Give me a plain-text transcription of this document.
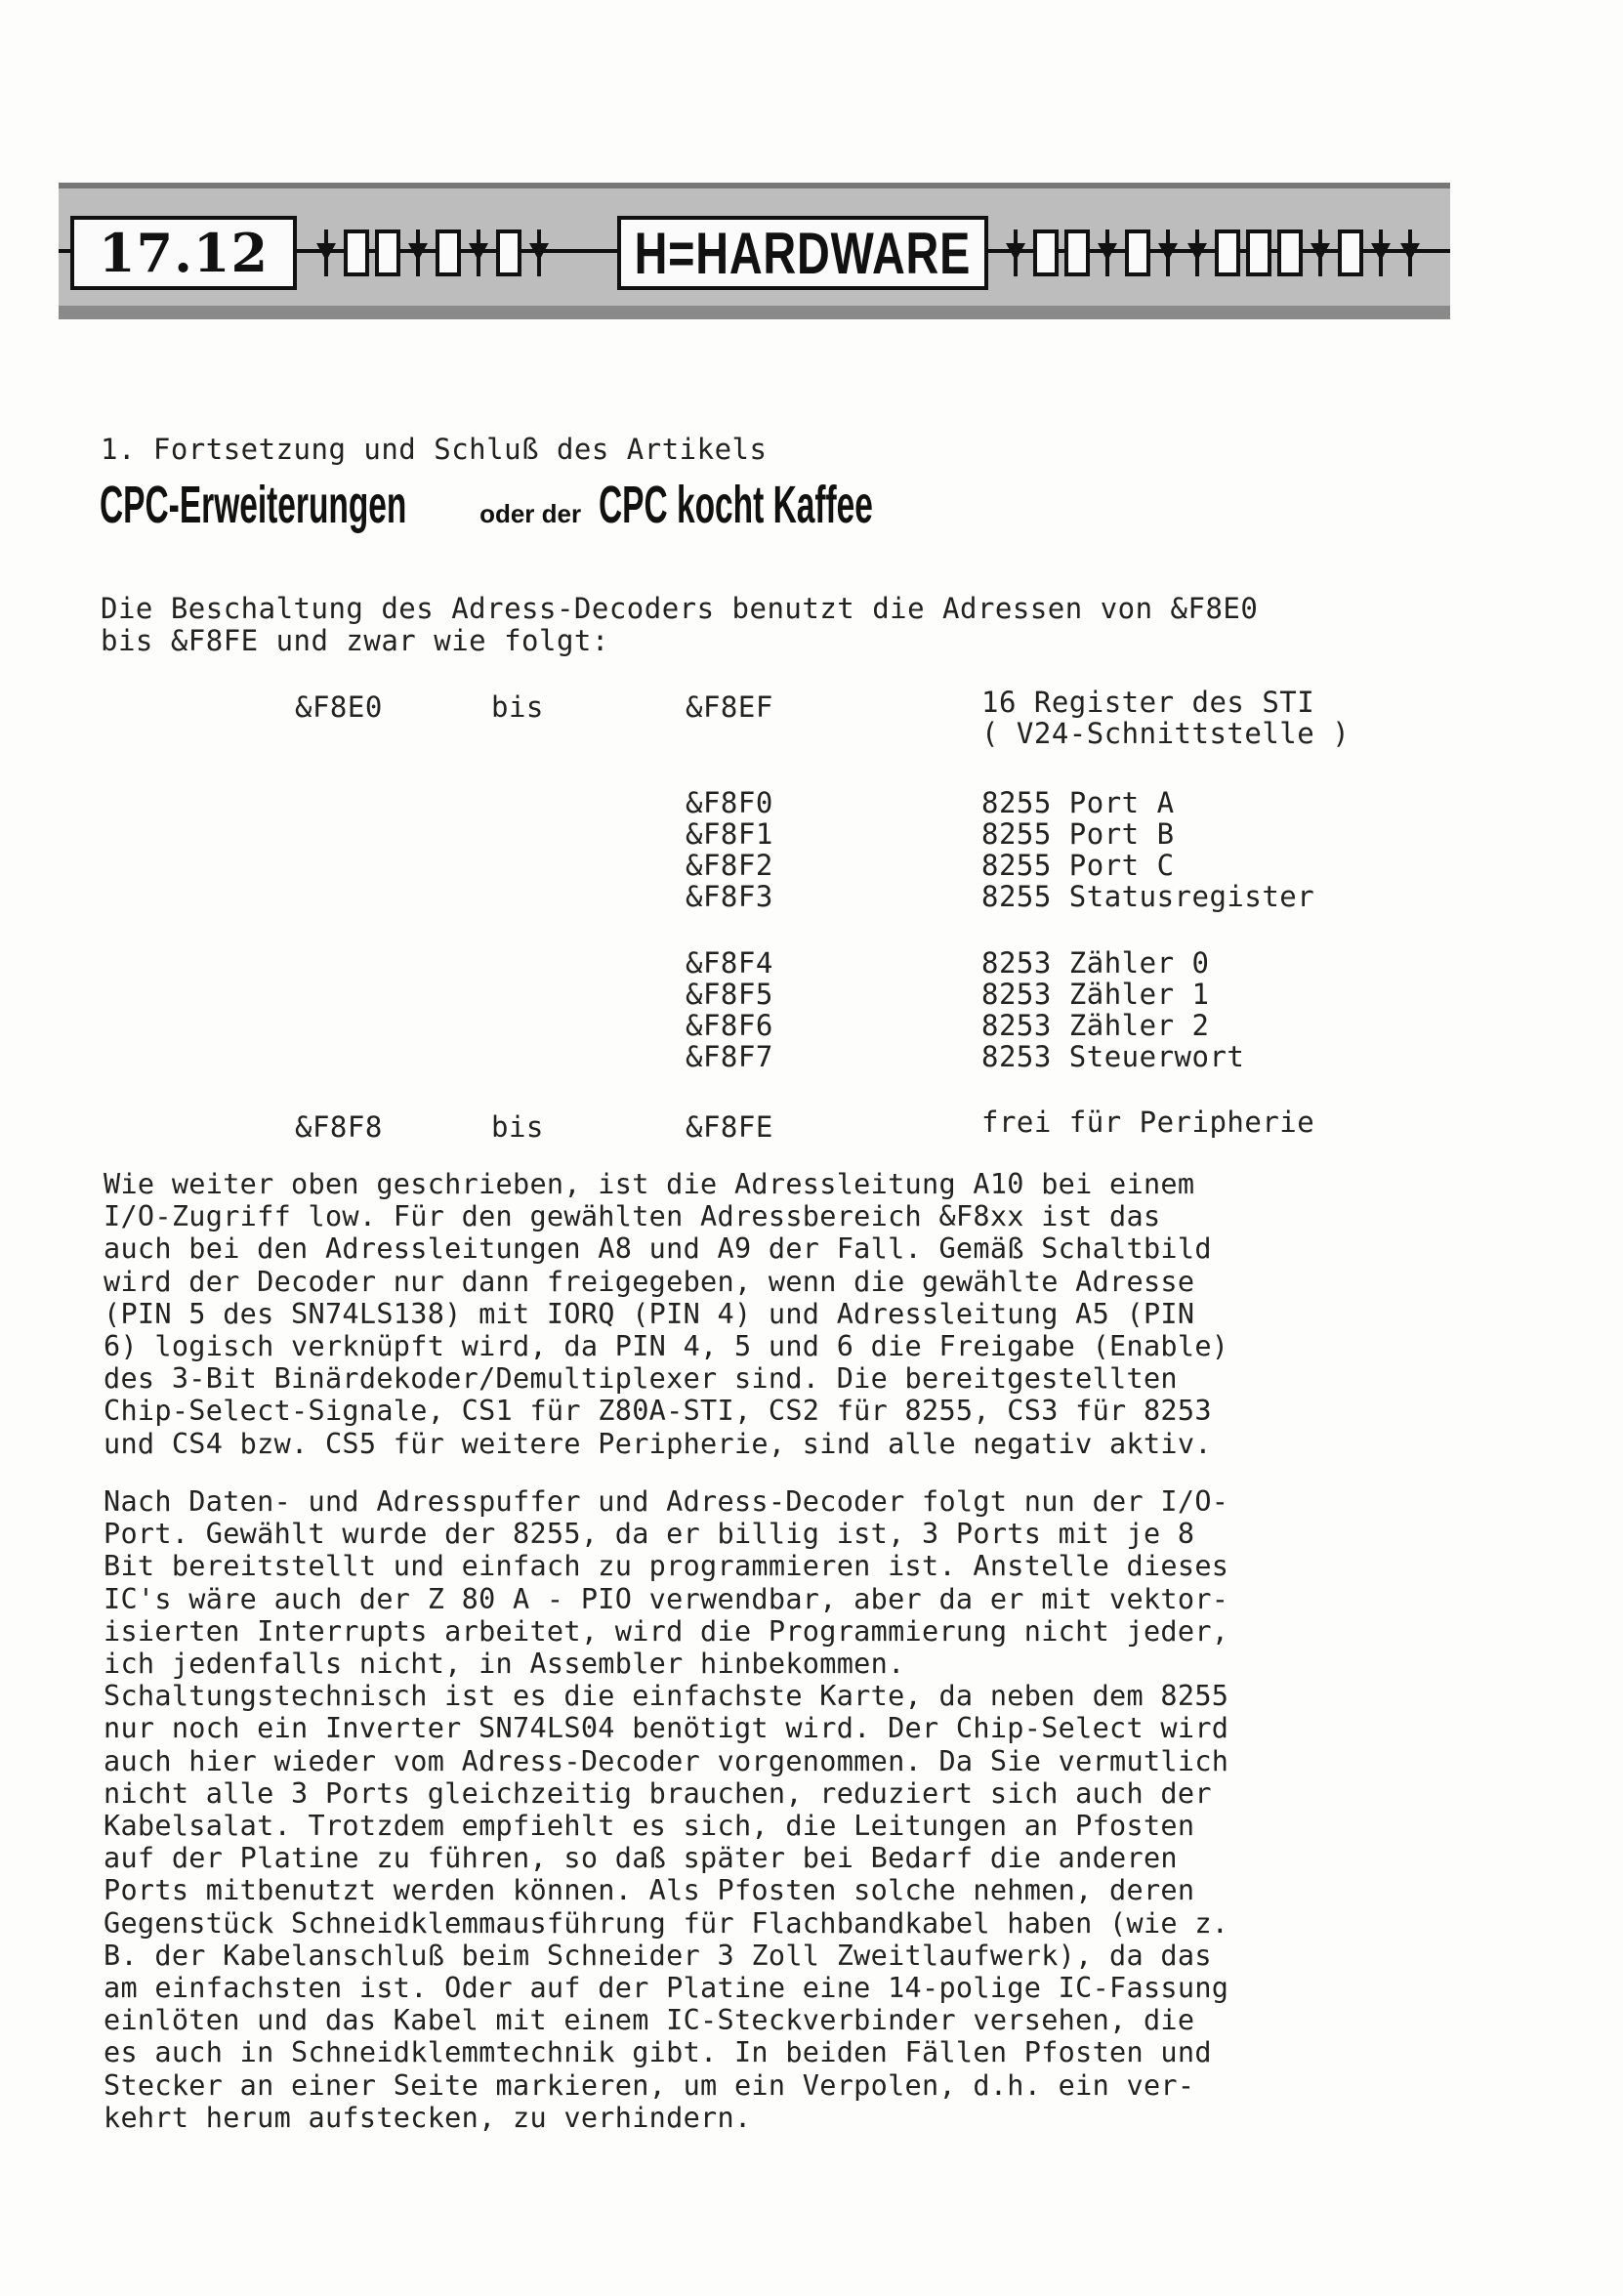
17.12	H=HARDWARE
1. Fortsetzung und Schluß des Artikels
CPC-Erweiterungen	oder der CPC kocht Kaffee
Die Beschaltung des Adress-Decoders benutzt die Adressen von &F8E0
bis &F8FE und zwar wie folgt:
&F8E0	bis	&F8EF	16 Register des STI
( V24-Schnittstelle )
&F8F0	8255 Port A
&F8F1	8255 Port B
&F8F2	8255 Port C
&F8F3	8255 Statusregister
&F8F4	8253 Zähler 0
&F8F5	8253 Zähler 1
&F8F6	8253 Zähler 2
&F8F7	8253 Steuerwort
&F8F8	bis	&F8FE	frei für Peripherie
Wie weiter oben geschrieben, ist die Adressleitung A10 bei einem
I/O-Zugriff low. Für den gewählten Adressbereich &F8xx ist das
auch bei den Adressleitungen A8 und A9 der Fall. Gemäß Schaltbild
wird der Decoder nur dann freigegeben, wenn die gewählte Adresse
(PIN 5 des SN74LS138) mit IORQ (PIN 4) und Adressleitung A5 (PIN
6) logisch verknüpft wird, da PIN 4, 5 und 6 die Freigabe (Enable)
des 3-Bit Binärdekoder/Demultiplexer sind. Die bereitgestellten
Chip-Select-Signale, CS1 für Z80A-STI, CS2 für 8255, CS3 für 8253
und CS4 bzw. CS5 für weitere Peripherie, sind alle negativ aktiv.
Nach Daten- und Adresspuffer und Adress-Decoder folgt nun der I/O-
Port. Gewählt wurde der 8255, da er billig ist, 3 Ports mit je 8
Bit bereitstellt und einfach zu programmieren ist. Anstelle dieses
IC's wäre auch der Z 80 A - PIO verwendbar, aber da er mit vektor-
isierten Interrupts arbeitet, wird die Programmierung nicht jeder,
ich jedenfalls nicht, in Assembler hinbekommen.
Schaltungstechnisch ist es die einfachste Karte, da neben dem 8255
nur noch ein Inverter SN74LS04 benötigt wird. Der Chip-Select wird
auch hier wieder vom Adress-Decoder vorgenommen. Da Sie vermutlich
nicht alle 3 Ports gleichzeitig brauchen, reduziert sich auch der
Kabelsalat. Trotzdem empfiehlt es sich, die Leitungen an Pfosten
auf der Platine zu führen, so daß später bei Bedarf die anderen
Ports mitbenutzt werden können. Als Pfosten solche nehmen, deren
Gegenstück Schneidklemmausführung für Flachbandkabel haben (wie z.
B. der Kabelanschluß beim Schneider 3 Zoll Zweitlaufwerk), da das
am einfachsten ist. Oder auf der Platine eine 14-polige IC-Fassung
einlöten und das Kabel mit einem IC-Steckverbinder versehen, die
es auch in Schneidklemmtechnik gibt. In beiden Fällen Pfosten und
Stecker an einer Seite markieren, um ein Verpolen, d.h. ein ver-
kehrt herum aufstecken, zu verhindern.
